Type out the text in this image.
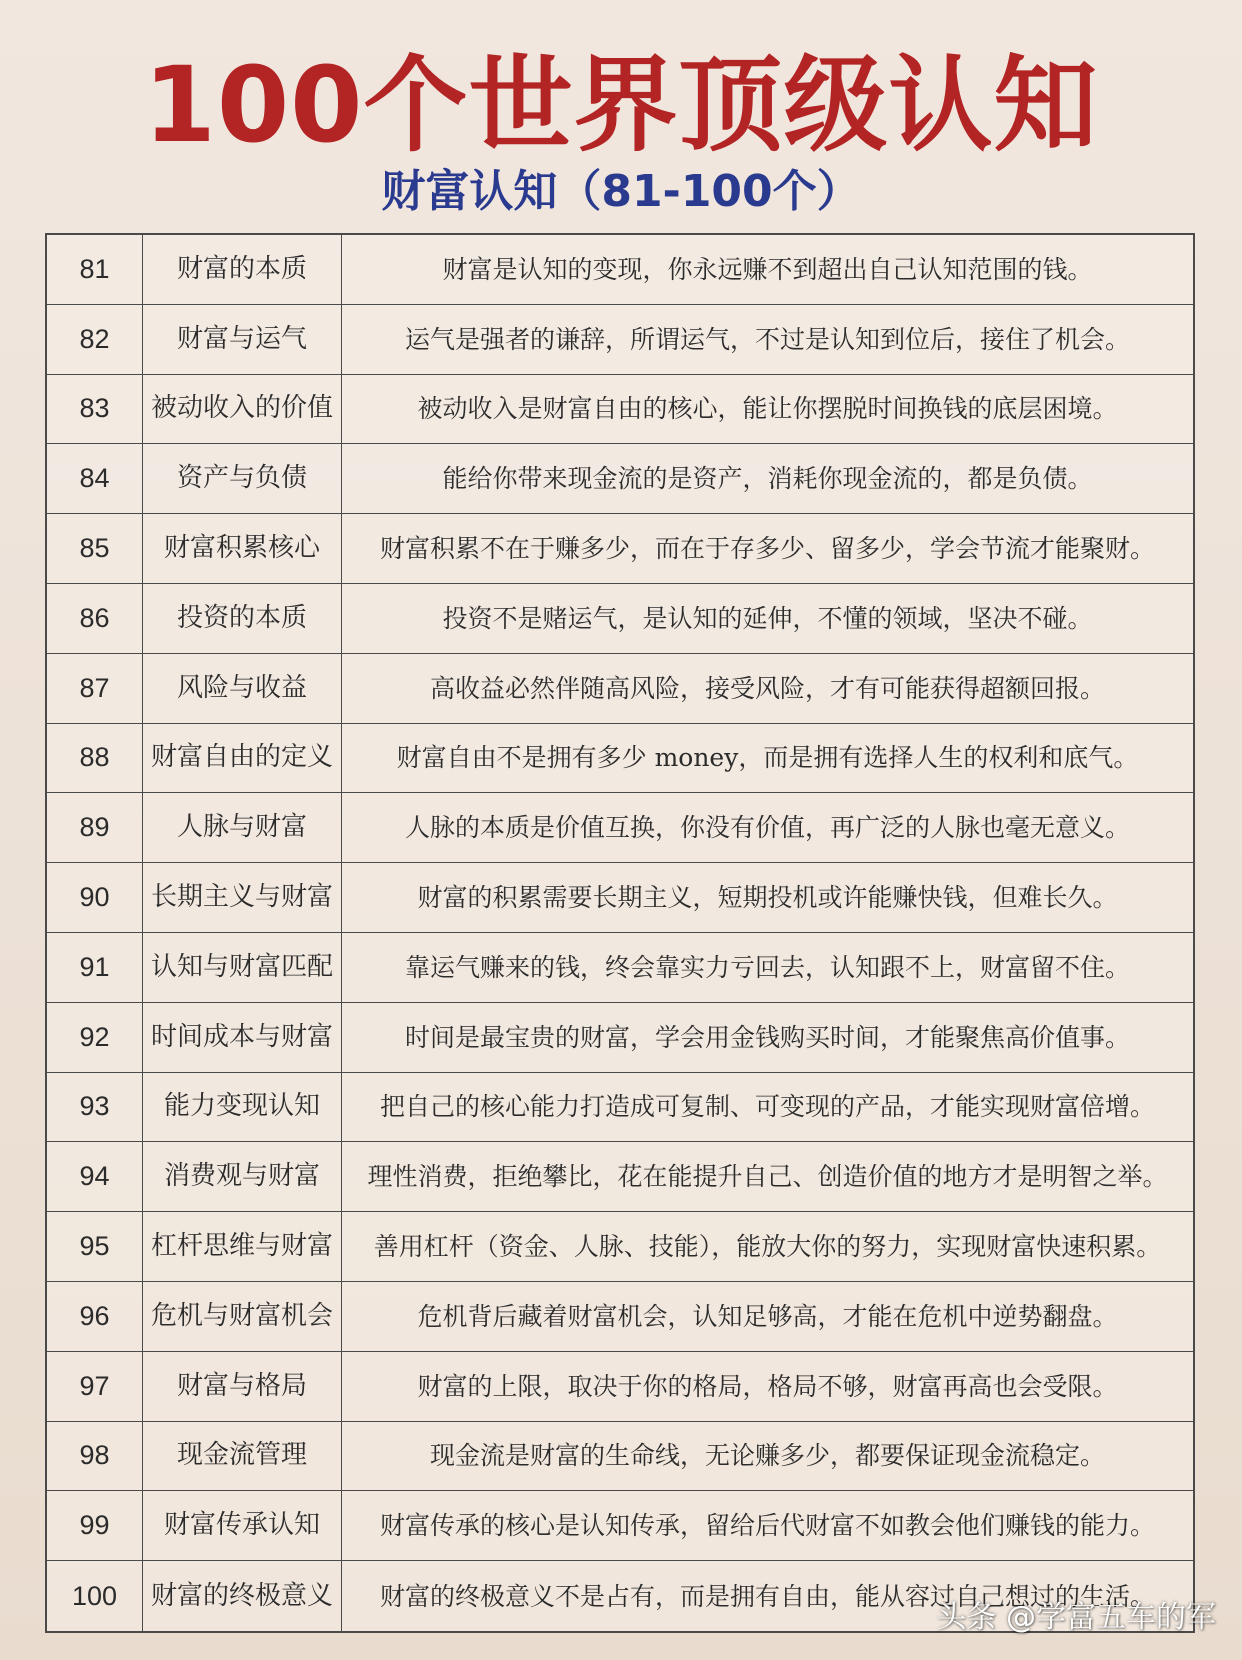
100个世界顶级认知
财富认知（81-100个）
81	财富的本质	财富是认知的变现，你永远赚不到超出自己认知范围的钱。
82	财富与运气	运气是强者的谦辞，所谓运气，不过是认知到位后，接住了机会。
83	被动收入的价值	被动收入是财富自由的核心，能让你摆脱时间换钱的底层困境。
84	资产与负债	能给你带来现金流的是资产，消耗你现金流的，都是负债。
85	财富积累核心	财富积累不在于赚多少，而在于存多少、留多少，学会节流才能聚财。
86	投资的本质	投资不是赌运气，是认知的延伸，不懂的领域，坚决不碰。
87	风险与收益	高收益必然伴随高风险，接受风险，才有可能获得超额回报。
88	财富自由的定义	财富自由不是拥有多少 money，而是拥有选择人生的权利和底气。
89	人脉与财富	人脉的本质是价值互换，你没有价值，再广泛的人脉也毫无意义。
90	长期主义与财富	财富的积累需要长期主义，短期投机或许能赚快钱，但难长久。
91	认知与财富匹配	靠运气赚来的钱，终会靠实力亏回去，认知跟不上，财富留不住。
92	时间成本与财富	时间是最宝贵的财富，学会用金钱购买时间，才能聚焦高价值事。
93	能力变现认知	把自己的核心能力打造成可复制、可变现的产品，才能实现财富倍增。
94	消费观与财富	理性消费，拒绝攀比，花在能提升自己、创造价值的地方才是明智之举。
95	杠杆思维与财富	善用杠杆（资金、人脉、技能），能放大你的努力，实现财富快速积累。
96	危机与财富机会	危机背后藏着财富机会，认知足够高，才能在危机中逆势翻盘。
97	财富与格局	财富的上限，取决于你的格局，格局不够，财富再高也会受限。
98	现金流管理	现金流是财富的生命线，无论赚多少，都要保证现金流稳定。
99	财富传承认知	财富传承的核心是认知传承，留给后代财富不如教会他们赚钱的能力。
100	财富的终极意义	财富的终极意义不是占有，而是拥有自由，能从容过自己想过的生活。
头条 @学富五车的军
